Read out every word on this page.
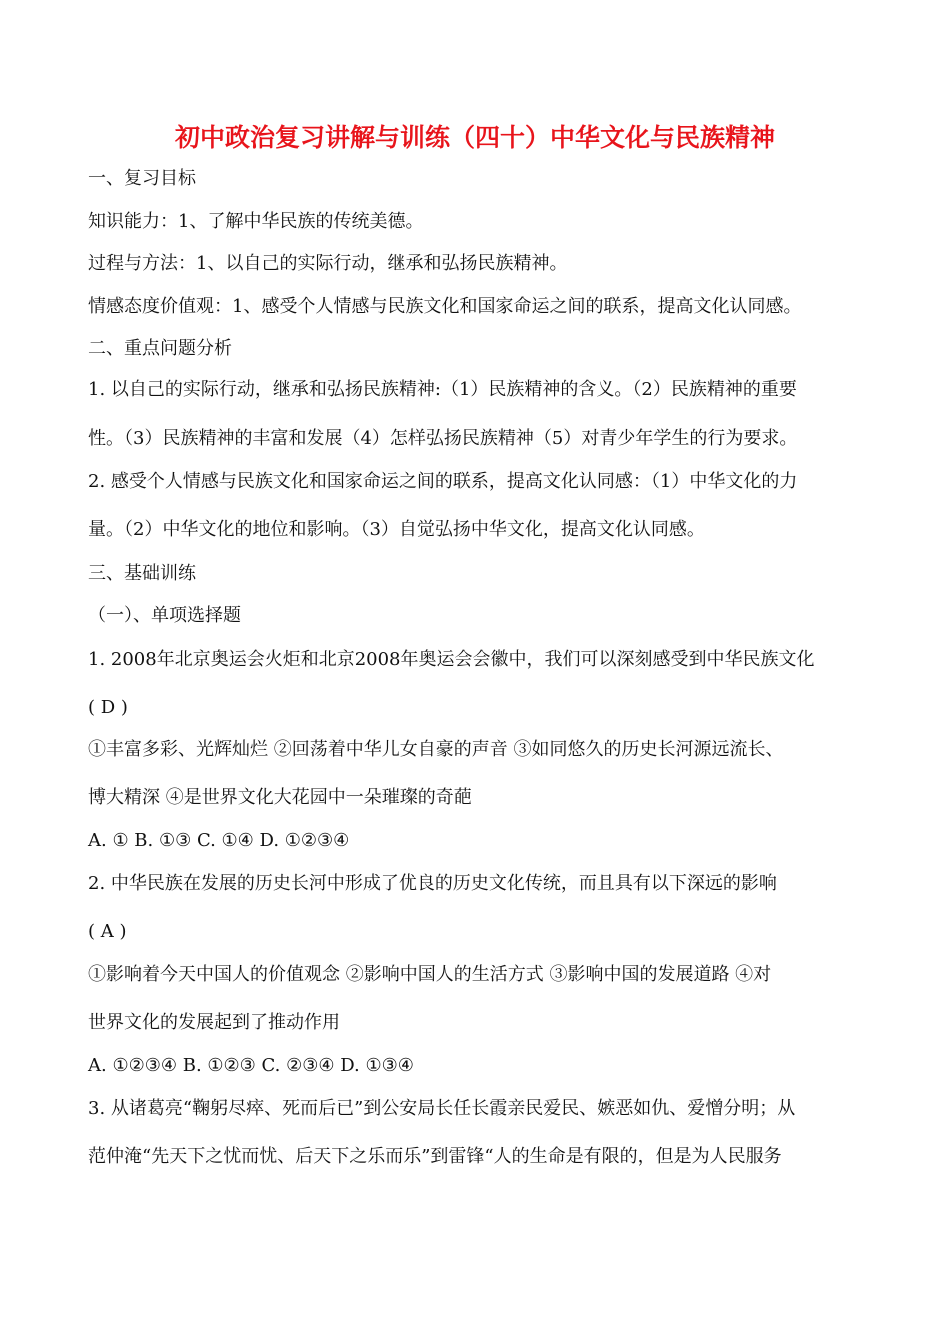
初中政治复习讲解与训练（四十）中华文化与民族精神
一、复习目标
知识能力：1、了解中华民族的传统美德。
过程与方法：1、以自己的实际行动，继承和弘扬民族精神。
情感态度价值观：1、感受个人情感与民族文化和国家命运之间的联系，提高文化认同感。
二、重点问题分析
1. 以自己的实际行动，继承和弘扬民族精神:（1）民族精神的含义。（2）民族精神的重要
性。（3）民族精神的丰富和发展（4）怎样弘扬民族精神（5）对青少年学生的行为要求。
2. 感受个人情感与民族文化和国家命运之间的联系，提高文化认同感：（1）中华文化的力
量。（2）中华文化的地位和影响。（3）自觉弘扬中华文化，提高文化认同感。
三、基础训练
（一）、单项选择题
1. 2008年北京奥运会火炬和北京2008年奥运会会徽中，我们可以深刻感受到中华民族文化
( D )
①丰富多彩、光辉灿烂 ②回荡着中华儿女自豪的声音 ③如同悠久的历史长河源远流长、
博大精深 ④是世界文化大花园中一朵璀璨的奇葩
A. ① B. ①③ C. ①④ D. ①②③④
2. 中华民族在发展的历史长河中形成了优良的历史文化传统，而且具有以下深远的影响
( A )
①影响着今天中国人的价值观念 ②影响中国人的生活方式 ③影响中国的发展道路 ④对
世界文化的发展起到了推动作用
A. ①②③④ B. ①②③ C. ②③④ D. ①③④
3. 从诸葛亮“鞠躬尽瘁、死而后已”到公安局长任长霞亲民爱民、嫉恶如仇、爱憎分明；从
范仲淹“先天下之忧而忧、后天下之乐而乐”到雷锋“人的生命是有限的，但是为人民服务
